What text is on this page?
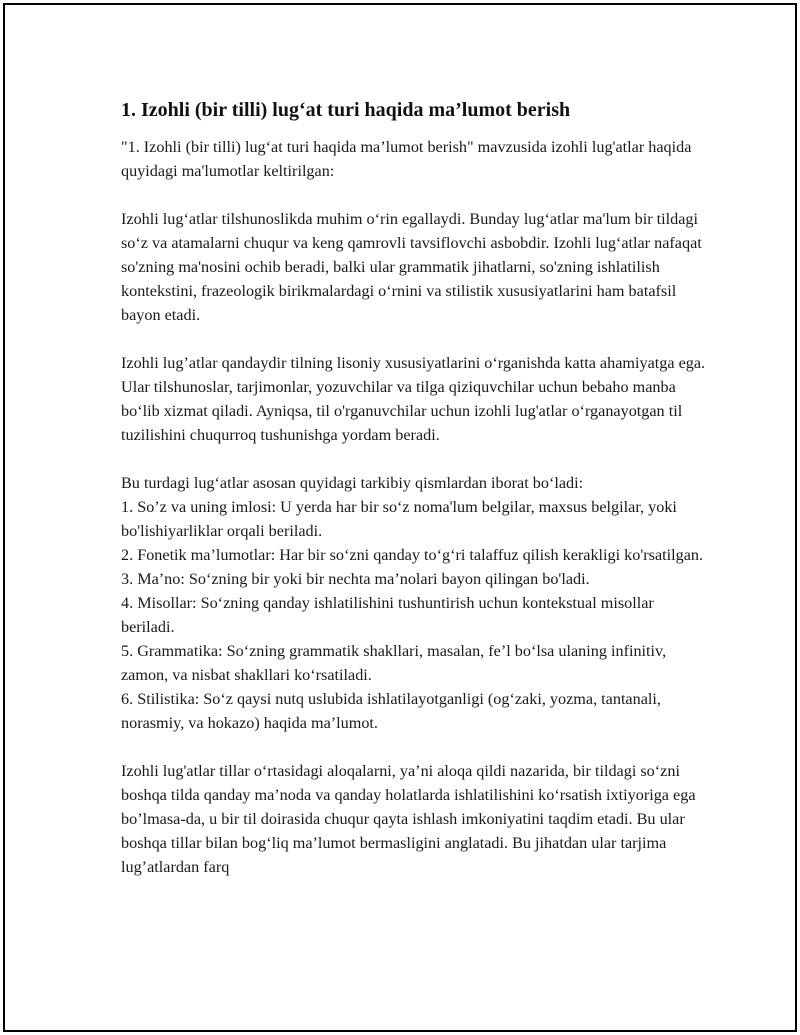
1. Izohli (bir tilli) lug‘at turi haqida ma’lumot berish

"1. Izohli (bir tilli) lug‘at turi haqida ma’lumot berish" mavzusida izohli lug'atlar haqida quyidagi ma'lumotlar keltirilgan:

Izohli lug‘atlar tilshunoslikda muhim o‘rin egallaydi. Bunday lug‘atlar ma'lum bir tildagi so‘z va atamalarni chuqur va keng qamrovli tavsiflovchi asbobdir. Izohli lug‘atlar nafaqat so'zning ma'nosini ochib beradi, balki ular grammatik jihatlarni, so'zning ishlatilish kontekstini, frazeologik birikmalardagi o‘rnini va stilistik xususiyatlarini ham batafsil bayon etadi.

Izohli lug’atlar qandaydir tilning lisoniy xususiyatlarini o‘rganishda katta ahamiyatga ega. Ular tilshunoslar, tarjimonlar, yozuvchilar va tilga qiziquvchilar uchun bebaho manba bo‘lib xizmat qiladi. Ayniqsa, til o'rganuvchilar uchun izohli lug'atlar o‘rganayotgan til tuzilishini chuqurroq tushunishga yordam beradi.

Bu turdagi lug‘atlar asosan quyidagi tarkibiy qismlardan iborat bo‘ladi:
1. So’z va uning imlosi: U yerda har bir so‘z noma'lum belgilar, maxsus belgilar, yoki bo'lishiyarliklar orqali beriladi.
2. Fonetik ma’lumotlar: Har bir so‘zni qanday to‘g‘ri talaffuz qilish kerakligi ko'rsatilgan.
3. Ma’no: So‘zning bir yoki bir nechta ma’nolari bayon qilingan bo'ladi.
4. Misollar: So‘zning qanday ishlatilishini tushuntirish uchun kontekstual misollar beriladi.
5. Grammatika: So‘zning grammatik shakllari, masalan, fe’l bo‘lsa ulaning infinitiv, zamon, va nisbat shakllari ko‘rsatiladi.
6. Stilistika: So‘z qaysi nutq uslubida ishlatilayotganligi (og‘zaki, yozma, tantanali, norasmiy, va hokazo) haqida ma’lumot.

Izohli lug'atlar tillar o‘rtasidagi aloqalarni, ya’ni aloqa qildi nazarida, bir tildagi so‘zni boshqa tilda qanday ma’noda va qanday holatlarda ishlatilishini ko‘rsatish ixtiyoriga ega bo’lmasa-da, u bir til doirasida chuqur qayta ishlash imkoniyatini taqdim etadi. Bu ular boshqa tillar bilan bog‘liq ma’lumot bermasligini anglatadi. Bu jihatdan ular tarjima lug’atlardan farq
